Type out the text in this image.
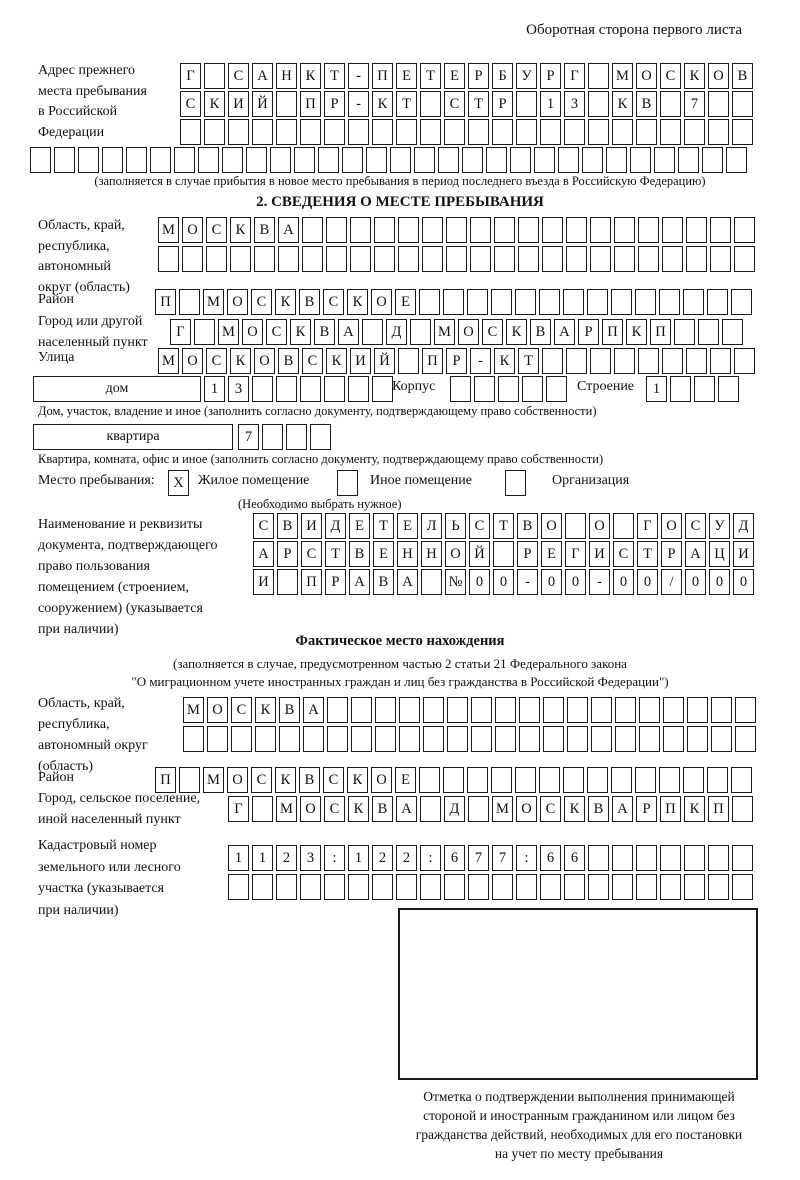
Оборотная сторона первого листа
Адрес прежнего
места пребывания
в Российской
Федерации
Г	С А Н К	Т	-	П Е	Т	Е	Р	Б	У	Р	Г	М О С К О В
С К И Й	П	Р	-	К	Т	С	Т	Р	1	3	К В	7
(заполняется в случае прибытия в новое место пребывания в период последнего въезда в Российскую Федерацию)
2. СВЕДЕНИЯ О МЕСТЕ ПРЕБЫВАНИЯ
Область, край,
республика,
автономный
округ (область)
М О С К В А
Район	П	М О С К В С К О Е
Город или другой
населенный пункт
Г	М О С К В А	Д	М О С К В А	Р	П К П
Улица	М О С К О В С К И Й	П	Р	-	К	Т
дом	1	3	Корпус	Строение	1
Дом, участок, владение и иное (заполнить согласно документу, подтверждающему право собственности)
квартира	7
Квартира, комната, офис и иное (заполнить согласно документу, подтверждающему право собственности)
Место пребывания:	X	Жилое помещение	Иное помещение	Организация
(Необходимо выбрать нужное)
Наименование и реквизиты
документа, подтверждающего
право пользования
помещением (строением,
сооружением) (указывается
при наличии)
С В И Д	Е	Т	Е	Л	Ь	С	Т	В О	О	Г	О С У Д
А	Р	С	Т	В	Е Н Н О Й	Р	Е	Г	И С	Т	Р	А Ц И
И	П	Р	А В А	№ 0	0	-	0	0	-	0	0	/	0	0	0
Фактическое место нахождения
(заполняется в случае, предусмотренном частью 2 статьи 21 Федерального закона
"О миграционном учете иностранных граждан и лиц без гражданства в Российской Федерации")
Область, край,
республика,
автономный округ
(область)
М О С К В А
Район	П	М О С К В С К О Е
Город, сельское поселение,
иной населенный пункт
Г	М О С К В А	Д	М О С К В А	Р	П К П
Кадастровый номер
земельного или лесного
участка (указывается
при наличии)
1	1	2	3	:	1	2	2	:	6	7	7	:	6	6
Отметка о подтверждении выполнения принимающей
стороной и иностранным гражданином или лицом без
гражданства действий, необходимых для его постановки
на учет по месту пребывания
